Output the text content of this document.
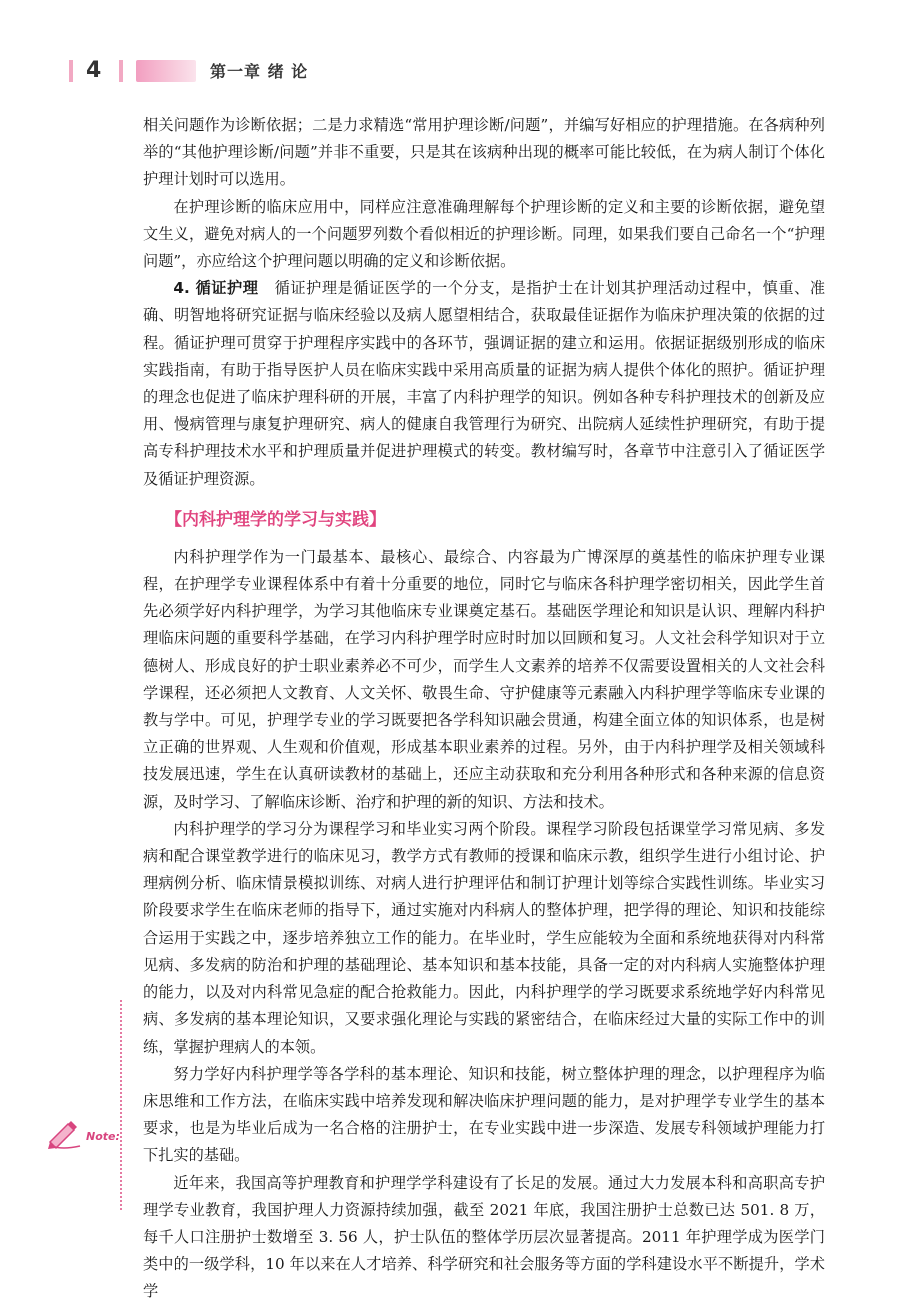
4	第一章 绪 论

相关问题作为诊断依据；二是力求精选“常用护理诊断/问题”，并编写好相应的护理措施。在各病种列举的“其他护理诊断/问题”并非不重要，只是其在该病种出现的概率可能比较低，在为病人制订个体化护理计划时可以选用。

在护理诊断的临床应用中，同样应注意准确理解每个护理诊断的定义和主要的诊断依据，避免望文生义，避免对病人的一个问题罗列数个看似相近的护理诊断。同理，如果我们要自己命名一个“护理问题”，亦应给这个护理问题以明确的定义和诊断依据。

4. 循证护理 循证护理是循证医学的一个分支，是指护士在计划其护理活动过程中，慎重、准确、明智地将研究证据与临床经验以及病人愿望相结合，获取最佳证据作为临床护理决策的依据的过程。循证护理可贯穿于护理程序实践中的各环节，强调证据的建立和运用。依据证据级别形成的临床实践指南，有助于指导医护人员在临床实践中采用高质量的证据为病人提供个体化的照护。循证护理的理念也促进了临床护理科研的开展，丰富了内科护理学的知识。例如各种专科护理技术的创新及应用、慢病管理与康复护理研究、病人的健康自我管理行为研究、出院病人延续性护理研究，有助于提高专科护理技术水平和护理质量并促进护理模式的转变。教材编写时，各章节中注意引入了循证医学及循证护理资源。

【内科护理学的学习与实践】

内科护理学作为一门最基本、最核心、最综合、内容最为广博深厚的奠基性的临床护理专业课程，在护理学专业课程体系中有着十分重要的地位，同时它与临床各科护理学密切相关，因此学生首先必须学好内科护理学，为学习其他临床专业课奠定基石。基础医学理论和知识是认识、理解内科护理临床问题的重要科学基础，在学习内科护理学时应时时加以回顾和复习。人文社会科学知识对于立德树人、形成良好的护士职业素养必不可少，而学生人文素养的培养不仅需要设置相关的人文社会科学课程，还必须把人文教育、人文关怀、敬畏生命、守护健康等元素融入内科护理学等临床专业课的教与学中。可见，护理学专业的学习既要把各学科知识融会贯通，构建全面立体的知识体系，也是树立正确的世界观、人生观和价值观，形成基本职业素养的过程。另外，由于内科护理学及相关领域科技发展迅速，学生在认真研读教材的基础上，还应主动获取和充分利用各种形式和各种来源的信息资源，及时学习、了解临床诊断、治疗和护理的新的知识、方法和技术。

内科护理学的学习分为课程学习和毕业实习两个阶段。课程学习阶段包括课堂学习常见病、多发病和配合课堂教学进行的临床见习，教学方式有教师的授课和临床示教，组织学生进行小组讨论、护理病例分析、临床情景模拟训练、对病人进行护理评估和制订护理计划等综合实践性训练。毕业实习阶段要求学生在临床老师的指导下，通过实施对内科病人的整体护理，把学得的理论、知识和技能综合运用于实践之中，逐步培养独立工作的能力。在毕业时，学生应能较为全面和系统地获得对内科常见病、多发病的防治和护理的基础理论、基本知识和基本技能，具备一定的对内科病人实施整体护理的能力，以及对内科常见急症的配合抢救能力。因此，内科护理学的学习既要求系统地学好内科常见病、多发病的基本理论知识，又要求强化理论与实践的紧密结合，在临床经过大量的实际工作中的训练，掌握护理病人的本领。

努力学好内科护理学等各学科的基本理论、知识和技能，树立整体护理的理念，以护理程序为临床思维和工作方法，在临床实践中培养发现和解决临床护理问题的能力，是对护理学专业学生的基本要求，也是为毕业后成为一名合格的注册护士，在专业实践中进一步深造、发展专科领域护理能力打下扎实的基础。

近年来，我国高等护理教育和护理学学科建设有了长足的发展。通过大力发展本科和高职高专护理学专业教育，我国护理人力资源持续加强，截至 2021 年底，我国注册护士总数已达 501. 8 万，每千人口注册护士数增至 3. 56 人，护士队伍的整体学历层次显著提高。2011 年护理学成为医学门类中的一级学科，10 年以来在人才培养、科学研究和社会服务等方面的学科建设水平不断提升，学术学

Note:
